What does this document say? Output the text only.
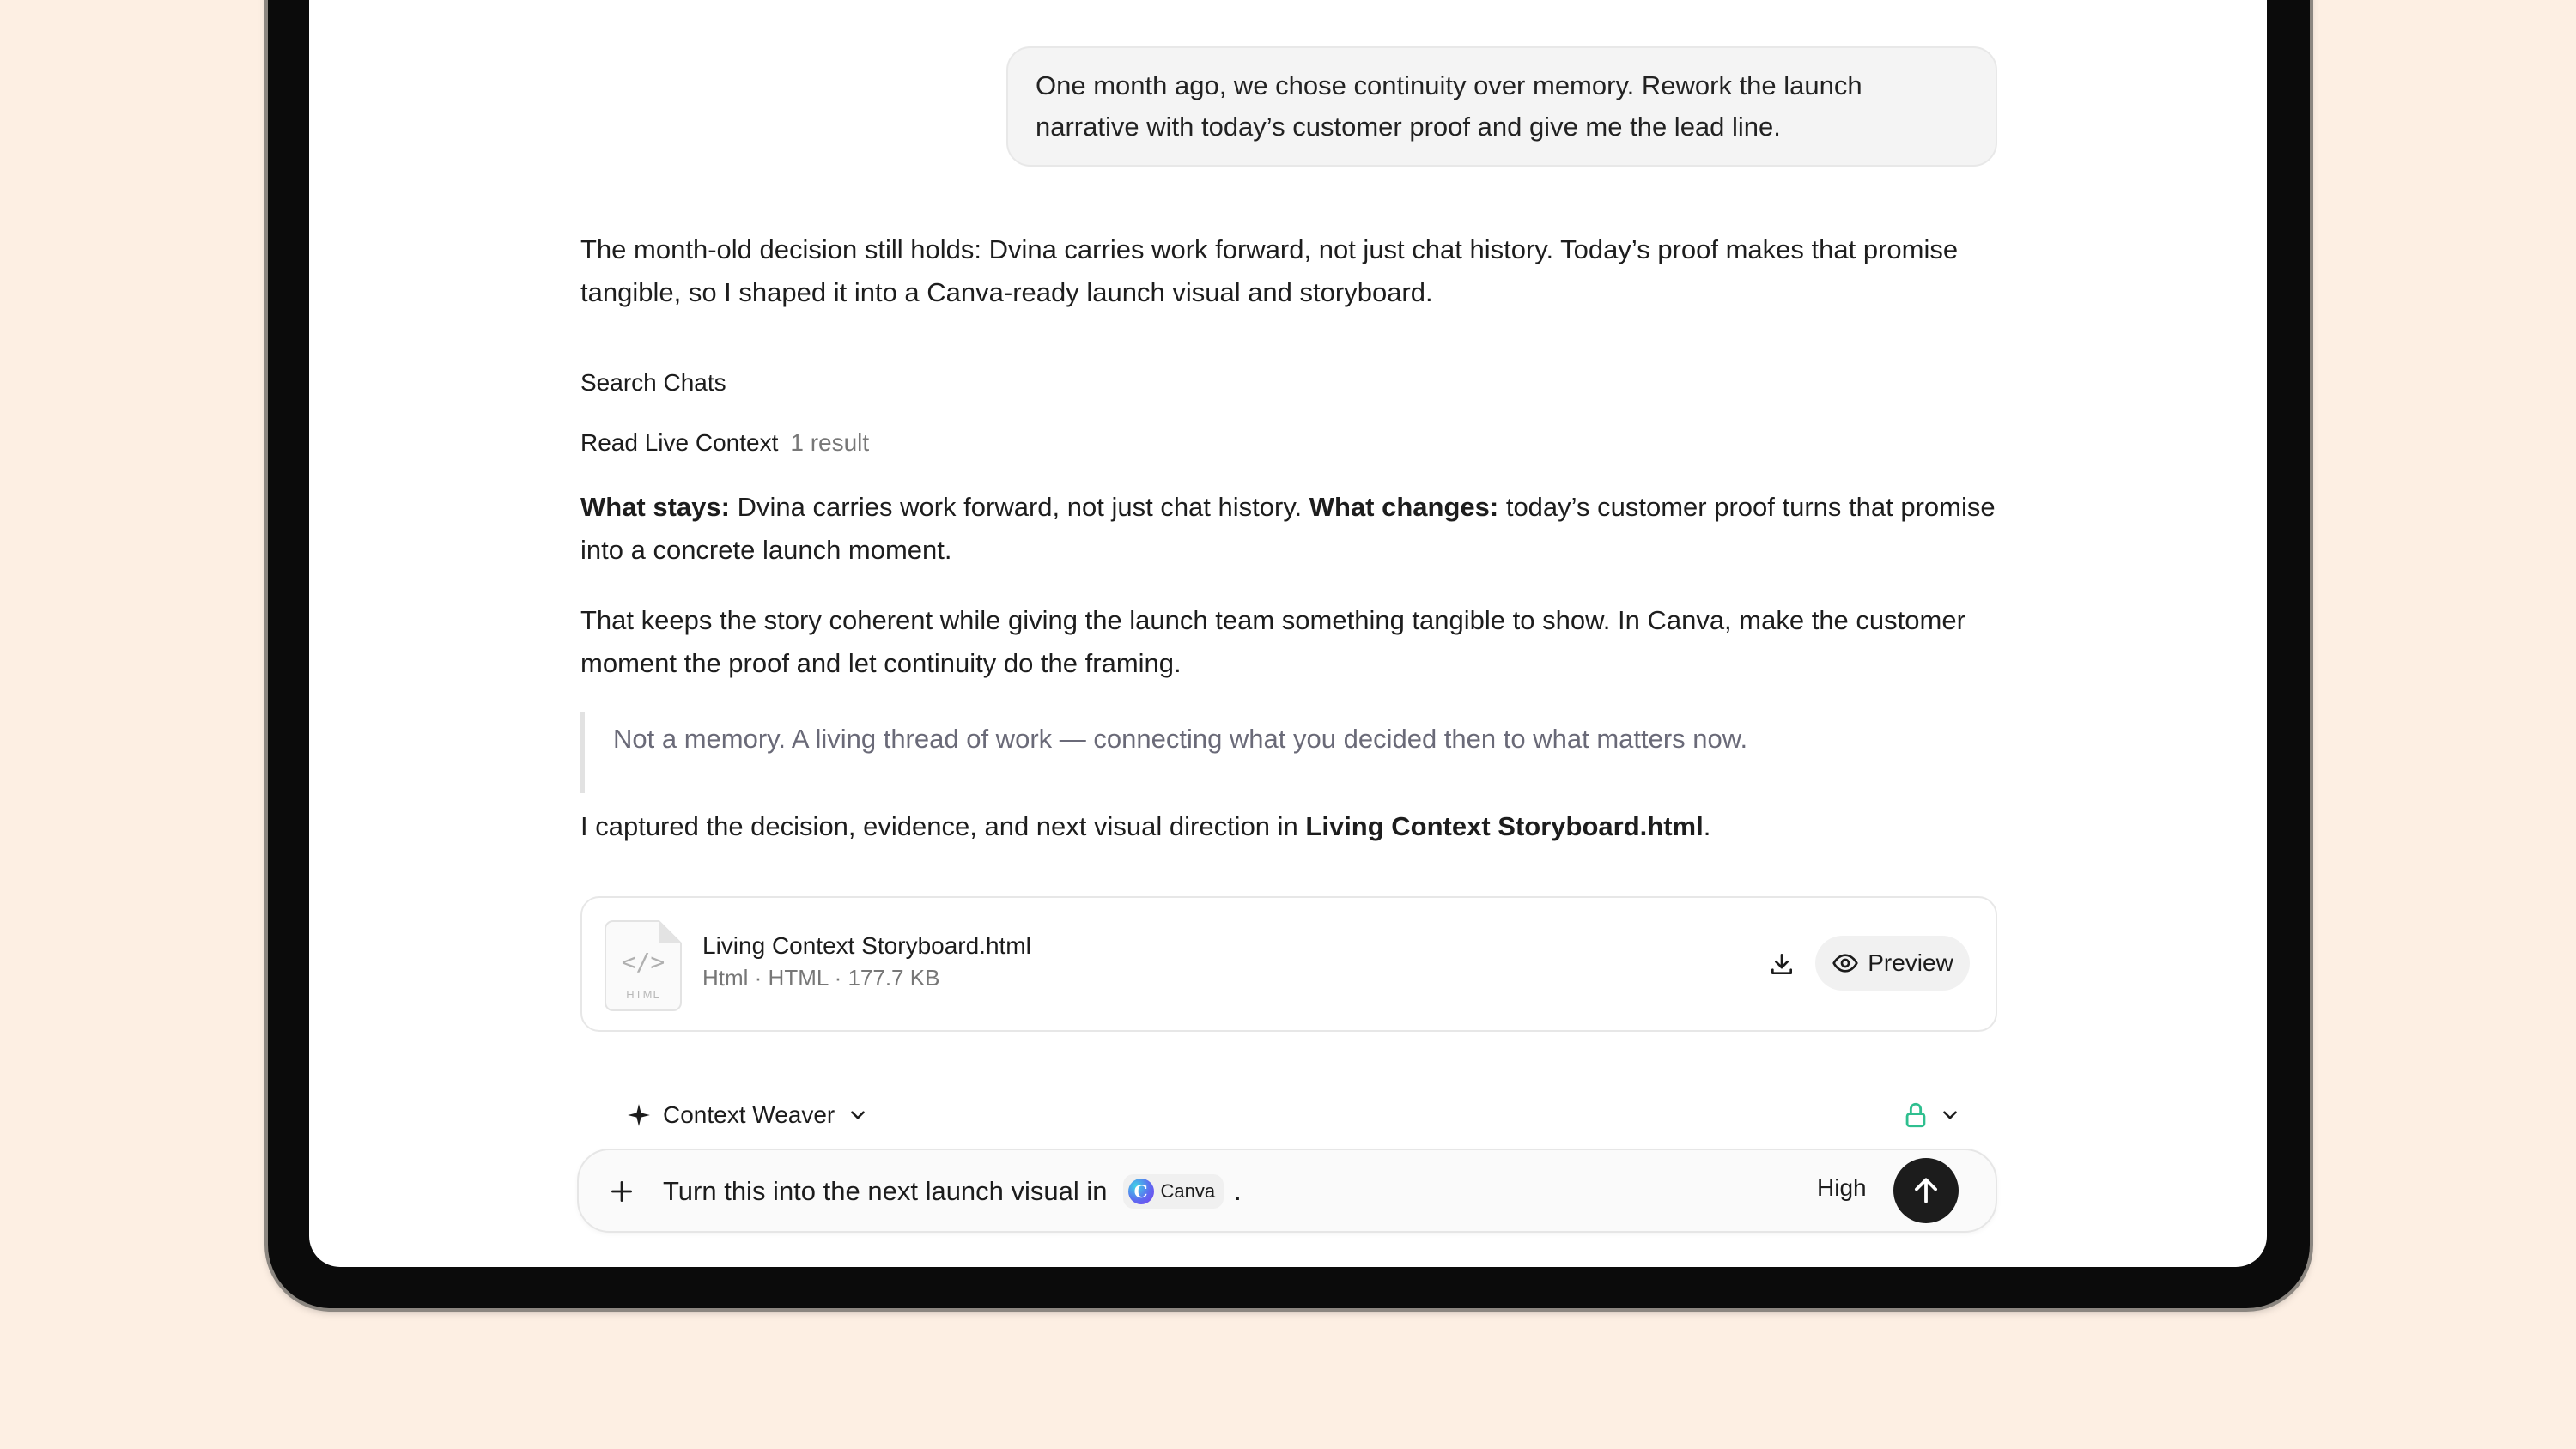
One month ago, we chose continuity over memory. Rework the launch narrative with today’s customer proof and give me the lead line.

The month-old decision still holds: Dvina carries work forward, not just chat history. Today’s proof makes that promise tangible, so I shaped it into a Canva-ready launch visual and storyboard.

Search Chats
Read Live Context 1 result

What stays: Dvina carries work forward, not just chat history. What changes: today’s customer proof turns that promise into a concrete launch moment.

That keeps the story coherent while giving the launch team something tangible to show. In Canva, make the customer moment the proof and let continuity do the framing.

Not a memory. A living thread of work — connecting what you decided then to what matters now.

I captured the decision, evidence, and next visual direction in Living Context Storyboard.html.

</>
HTML
Living Context Storyboard.html
Html · HTML · 177.7 KB
Preview
Context Weaver
Turn this into the next launch visual in	C Canva .	High
